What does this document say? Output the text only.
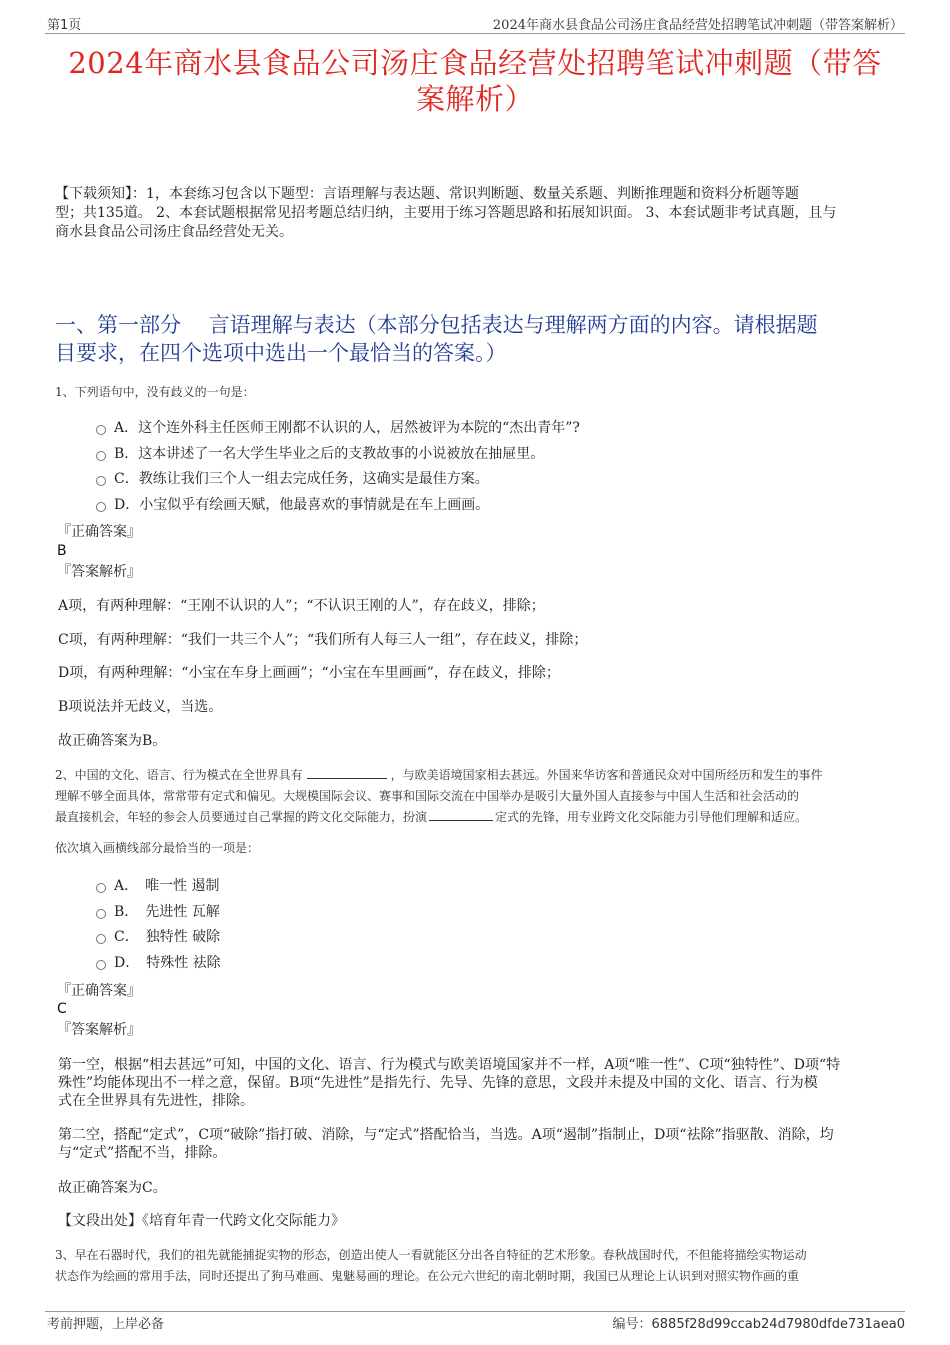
第1页	2024年商水县食品公司汤庄食品经营处招聘笔试冲刺题（带答案解析）
2024年商水县食品公司汤庄食品经营处招聘笔试冲刺题（带答
案解析）
【下载须知】：1，本套练习包含以下题型：言语理解与表达题、常识判断题、数量关系题、判断推理题和资料分析题等题
型；共135道。 2、本套试题根据常见招考题总结归纳，主要用于练习答题思路和拓展知识面。 3、本套试题非考试真题，且与
商水县食品公司汤庄食品经营处无关。
一、第一部分　 言语理解与表达（本部分包括表达与理解两方面的内容。请根据题
目要求，在四个选项中选出一个最恰当的答案。）
1、下列语句中，没有歧义的一句是：
A．这个连外科主任医师王刚都不认识的人，居然被评为本院的“杰出青年”?
B．这本讲述了一名大学生毕业之后的支教故事的小说被放在抽屉里。
C．教练让我们三个人一组去完成任务，这确实是最佳方案。
D．小宝似乎有绘画天赋，他最喜欢的事情就是在车上画画。
『正确答案』
B
『答案解析』
A项，有两种理解：“王刚不认识的人”；“不认识王刚的人”，存在歧义，排除；
C项，有两种理解：“我们一共三个人”；“我们所有人每三人一组”，存在歧义，排除；
D项，有两种理解：“小宝在车身上画画”；“小宝在车里画画”，存在歧义，排除；
B项说法并无歧义，当选。
故正确答案为B。
2、中国的文化、语言、行为模式在全世界具有	，与欧美语境国家相去甚远。外国来华访客和普通民众对中国所经历和发生的事件
理解不够全面具体，常常带有定式和偏见。大规模国际会议、赛事和国际交流在中国举办是吸引大量外国人直接参与中国人生活和社会活动的
最直接机会，年轻的参会人员要通过自己掌握的跨文化交际能力，扮演	定式的先锋，用专业跨文化交际能力引导他们理解和适应。
依次填入画横线部分最恰当的一项是：
A．　唯一性 遏制
B．　先进性 瓦解
C．　独特性 破除
D．　特殊性 祛除
『正确答案』
C
『答案解析』
第一空，根据“相去甚远”可知，中国的文化、语言、行为模式与欧美语境国家并不一样，A项“唯一性”、C项“独特性”、D项“特
殊性”均能体现出不一样之意，保留。B项“先进性”是指先行、先导、先锋的意思，文段并未提及中国的文化、语言、行为模
式在全世界具有先进性，排除。
第二空，搭配“定式”，C项“破除”指打破、消除，与“定式”搭配恰当，当选。A项“遏制”指制止，D项“祛除”指驱散、消除，均
与“定式”搭配不当，排除。
故正确答案为C。
【文段出处】《培育年青一代跨文化交际能力》
3、早在石器时代，我们的祖先就能捕捉实物的形态，创造出使人一看就能区分出各自特征的艺术形象。春秋战国时代，不但能将描绘实物运动
状态作为绘画的常用手法，同时还提出了狗马难画、鬼魅易画的理论。在公元六世纪的南北朝时期，我国已从理论上认识到对照实物作画的重
考前押题，上岸必备	编号：6885f28d99ccab24d7980dfde731aea0
